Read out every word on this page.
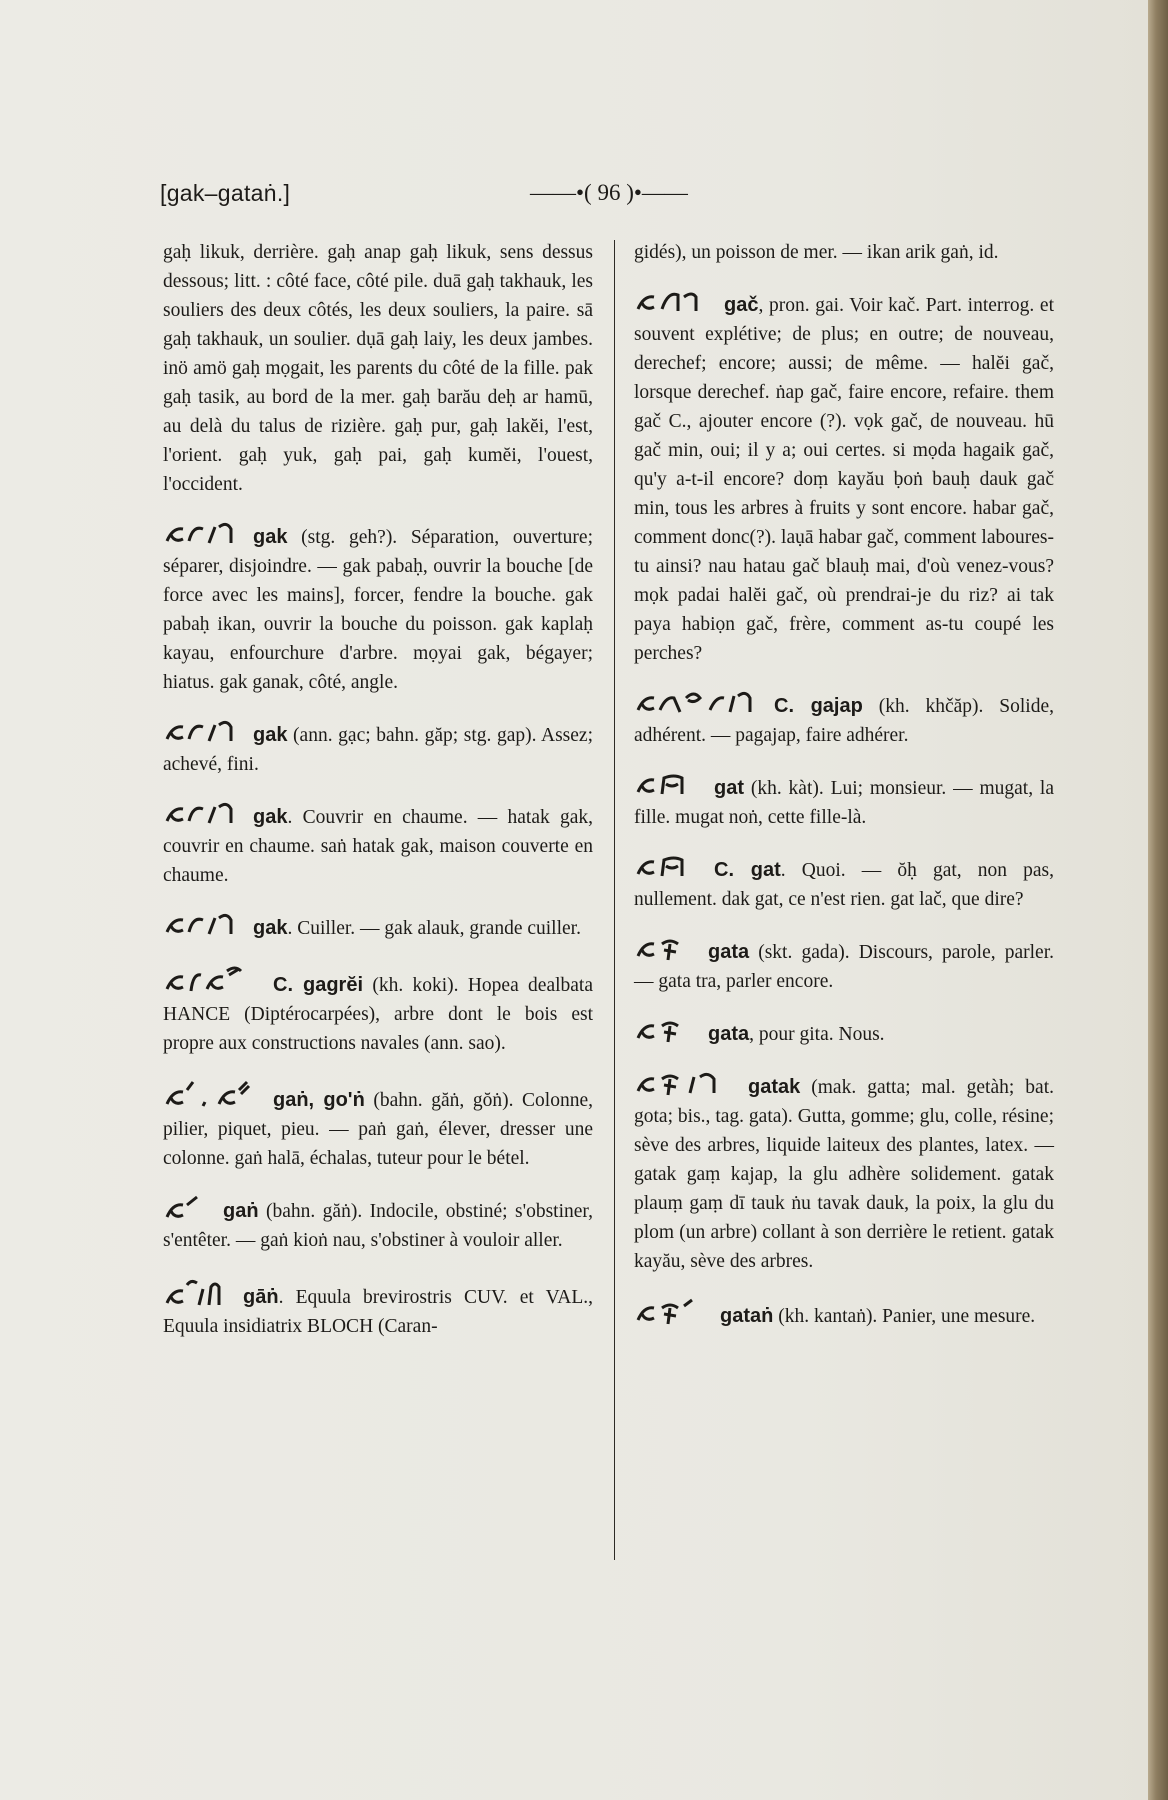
[gak–gataṅ.]	——•( 96 )•——

gaḥ likuk, derrière. gaḥ anap gaḥ likuk, sens dessus dessous; litt. : côté face, côté pile. duā gaḥ takhauk, les souliers des deux côtés, les deux souliers, la paire. sā gaḥ takhauk, un soulier. dụā gaḥ laiy, les deux jambes. inö amö gaḥ mọgait, les parents du côté de la fille. pak gaḥ tasik, au bord de la mer. gaḥ barău deḥ ar hamū, au delà du talus de rizière. gaḥ pur, gaḥ lakĕi, l'est, l'orient. gaḥ yuk, gaḥ pai, gaḥ kumĕi, l'ouest, l'occident.

gak (stg. geh?). Séparation, ouverture; séparer, disjoindre. — gak pabaḥ, ouvrir la bouche [de force avec les mains], forcer, fendre la bouche. gak pabaḥ ikan, ouvrir la bouche du poisson. gak kaplaḥ kayau, enfourchure d'arbre. mọyai gak, bégayer; hiatus. gak ganak, côté, angle.

gak (ann. gạc; bahn. găp; stg. gap). Assez; achevé, fini.

gak. Couvrir en chaume. — hatak gak, couvrir en chaume. saṅ hatak gak, maison couverte en chaume.

gak. Cuiller. — gak alauk, grande cuiller.

C. gagrĕi (kh. koki). Hopea dealbata HANCE (Diptérocarpées), arbre dont le bois est propre aux constructions navales (ann. sao).

gaṅ, go'ṅ (bahn. găṅ, gŏṅ). Colonne, pilier, piquet, pieu. — paṅ gaṅ, élever, dresser une colonne. gaṅ halā, échalas, tuteur pour le bétel.

gaṅ (bahn. găṅ). Indocile, obstiné; s'obstiner, s'entêter. — gaṅ kioṅ nau, s'obstiner à vouloir aller.

gāṅ. Equula brevirostris CUV. et VAL., Equula insidiatrix BLOCH (Caran-

gidés), un poisson de mer. — ikan arik gaṅ, id.

gač, pron. gai. Voir kač. Part. interrog. et souvent explétive; de plus; en outre; de nouveau, derechef; encore; aussi; de même. — halĕi gač, lorsque derechef. ṅap gač, faire encore, refaire. them gač C., ajouter encore (?). vọk gač, de nouveau. hū gač min, oui; il y a; oui certes. si mọda hagaik gač, qu'y a-t-il encore? doṃ kayău ḅoṅ bauḥ dauk gač min, tous les arbres à fruits y sont encore. habar gač, comment donc(?). laụā habar gač, comment laboures-tu ainsi? nau hatau gač blauḥ mai, d'où venez-vous? mọk padai halĕi gač, où prendrai-je du riz? ai tak paya habiọn gač, frère, comment as-tu coupé les perches?

C. gajap (kh. khčăp). Solide, adhérent. — pagajap, faire adhérer.

gat (kh. kàt). Lui; monsieur. — mugat, la fille. mugat noṅ, cette fille-là.

C. gat. Quoi. — ŏḥ gat, non pas, nullement. dak gat, ce n'est rien. gat lač, que dire?

gata (skt. gada). Discours, parole, parler. — gata tra, parler encore.

gata, pour gita. Nous.

gatak (mak. gatta; mal. getàh; bat. gota; bis., tag. gata). Gutta, gomme; glu, colle, résine; sève des arbres, liquide laiteux des plantes, latex. — gatak gaṃ kajap, la glu adhère solidement. gatak plauṃ gaṃ dī tauk ṅu tavak dauk, la poix, la glu du plom (un arbre) collant à son derrière le retient. gatak kayău, sève des arbres.

gataṅ (kh. kantaṅ). Panier, une mesure.
